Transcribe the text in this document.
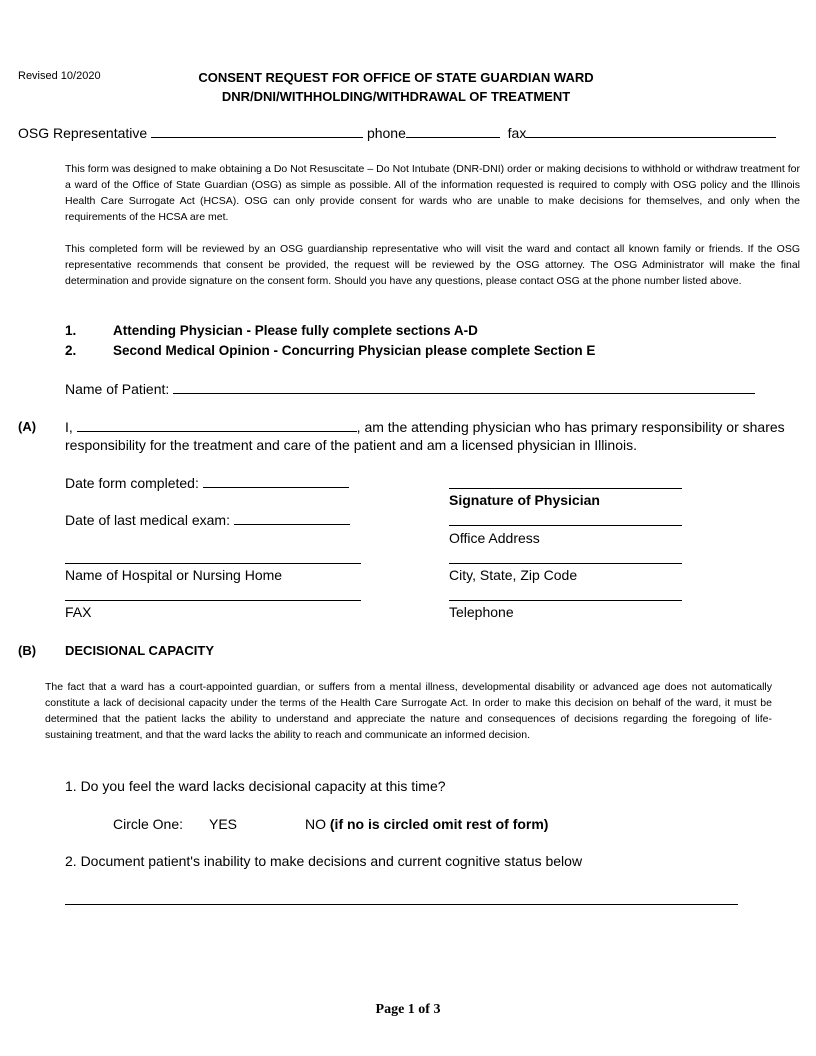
Revised 10/2020	CONSENT REQUEST FOR OFFICE OF STATE GUARDIAN WARD
DNR/DNI/WITHHOLDING/WITHDRAWAL OF TREATMENT
OSG Representative	phone	fax
This form was designed to make obtaining a Do Not Resuscitate – Do Not Intubate (DNR-DNI) order or making decisions to withhold or withdraw treatment for a ward of the Office of State Guardian (OSG) as simple as possible. All of the information requested is required to comply with OSG policy and the Illinois Health Care Surrogate Act (HCSA). OSG can only provide consent for wards who are unable to make decisions for themselves, and only when the requirements of the HCSA are met.
This completed form will be reviewed by an OSG guardianship representative who will visit the ward and contact all known family or friends. If the OSG representative recommends that consent be provided, the request will be reviewed by the OSG attorney. The OSG Administrator will make the final determination and provide signature on the consent form. Should you have any questions, please contact OSG at the phone number listed above.
1.	Attending Physician - Please fully complete sections A-D
2.	Second Medical Opinion - Concurring Physician please complete Section E
Name of Patient:
(A) I,	, am the attending physician who has primary responsibility or shares
responsibility for the treatment and care of the patient and am a licensed physician in Illinois.
Date form completed:
Signature of Physician
Date of last medical exam:
Office Address
Name of Hospital or Nursing Home	City, State, Zip Code
FAX	Telephone
(B) DECISIONAL CAPACITY
The fact that a ward has a court-appointed guardian, or suffers from a mental illness, developmental disability or advanced age does not automatically constitute a lack of decisional capacity under the terms of the Health Care Surrogate Act. In order to make this decision on behalf of the ward, it must be determined that the patient lacks the ability to understand and appreciate the nature and consequences of decisions regarding the foregoing of life-sustaining treatment, and that the ward lacks the ability to reach and communicate an informed decision.
1. Do you feel the ward lacks decisional capacity at this time?
Circle One: YES	NO (if no is circled omit rest of form)
2. Document patient's inability to make decisions and current cognitive status below
Page 1 of 3
